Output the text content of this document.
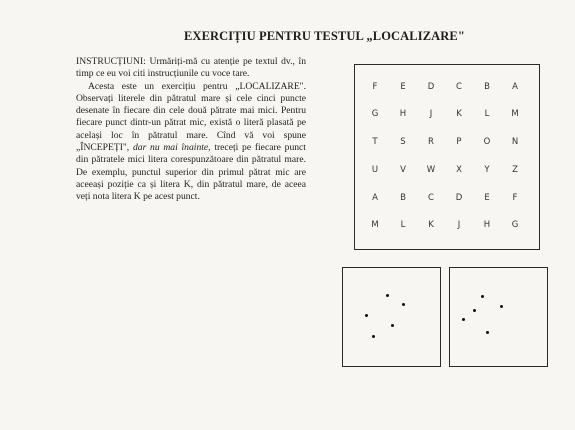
EXERCIȚIU PENTRU TESTUL „LOCALIZARE"

INSTRUCȚIUNI: Urmăriți-mă cu atenție pe textul dv., în timp ce eu voi citi instrucțiunile cu voce tare.

Acesta este un exercițiu pentru „LOCALIZARE". Observați literele din pătratul mare și cele cinci puncte desenate în fiecare din cele două pătrate mai mici. Pentru fiecare punct dintr-un pătrat mic, există o literă plasată pe același loc în pătratul mare. Cînd vă voi spune „ÎNCEPEȚI", dar nu mai înainte, treceți pe fiecare punct din pătratele mici litera corespunzătoare din pătratul mare. De exemplu, punctul superior din primul pătrat mic are aceeași poziție ca și litera K, din pătratul mare, de aceea veți nota litera K pe acest punct.

F	E	D	C	B	A
G	H	J	K	L	M
T	S	R	P	O	N
U	V	W	X	Y	Z
A	B	C	D	E	F
M	L	K	J	H	G
